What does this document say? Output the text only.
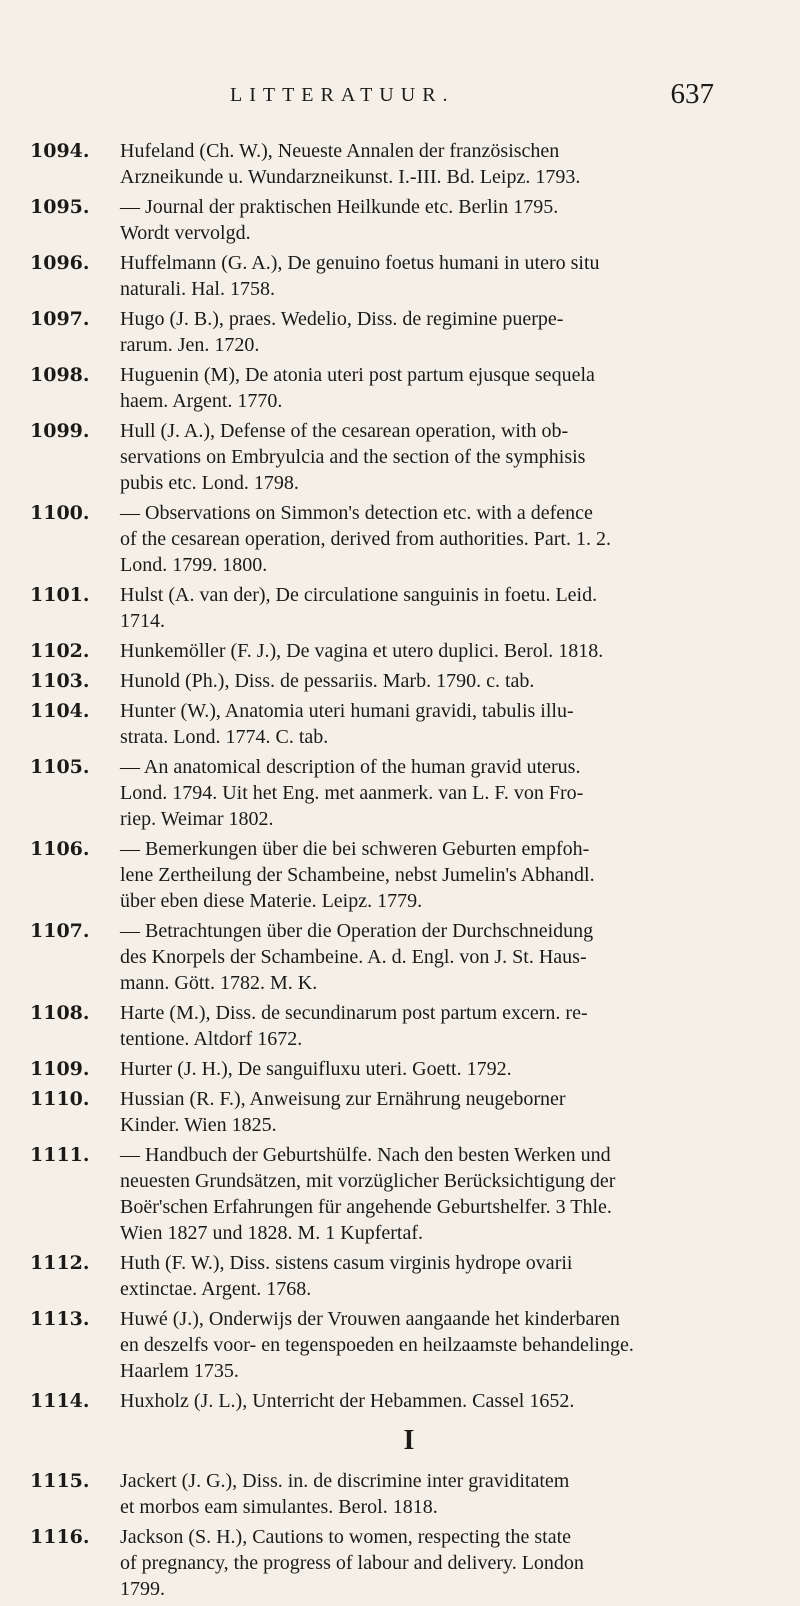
LITTERATUUR.	637
1094.	Hufeland (Ch. W.), Neueste Annalen der französischen
Arzneikunde u. Wundarzneikunst. I.-III. Bd. Leipz. 1793.
1095.	— Journal der praktischen Heilkunde etc. Berlin 1795.
Wordt vervolgd.
1096.	Huffelmann (G. A.), De genuino foetus humani in utero situ
naturali. Hal. 1758.
1097.	Hugo (J. B.), praes. Wedelio, Diss. de regimine puerpe-
rarum. Jen. 1720.
1098.	Huguenin (M), De atonia uteri post partum ejusque sequela
haem. Argent. 1770.
1099.	Hull (J. A.), Defense of the cesarean operation, with ob-
servations on Embryulcia and the section of the symphisis
pubis etc. Lond. 1798.
1100.	— Observations on Simmon's detection etc. with a defence
of the cesarean operation, derived from authorities. Part. 1. 2.
Lond. 1799. 1800.
1101.	Hulst (A. van der), De circulatione sanguinis in foetu. Leid.
1714.
1102.	Hunkemöller (F. J.), De vagina et utero duplici. Berol. 1818.
1103.	Hunold (Ph.), Diss. de pessariis. Marb. 1790. c. tab.
1104.	Hunter (W.), Anatomia uteri humani gravidi, tabulis illu-
strata. Lond. 1774. C. tab.
1105.	— An anatomical description of the human gravid uterus.
Lond. 1794. Uit het Eng. met aanmerk. van L. F. von Fro-
riep. Weimar 1802.
1106.	— Bemerkungen über die bei schweren Geburten empfoh-
lene Zertheilung der Schambeine, nebst Jumelin's Abhandl.
über eben diese Materie. Leipz. 1779.
1107.	— Betrachtungen über die Operation der Durchschneidung
des Knorpels der Schambeine. A. d. Engl. von J. St. Haus-
mann. Gött. 1782. M. K.
1108.	Harte (M.), Diss. de secundinarum post partum excern. re-
tentione. Altdorf 1672.
1109.	Hurter (J. H.), De sanguifluxu uteri. Goett. 1792.
1110.	Hussian (R. F.), Anweisung zur Ernährung neugeborner
Kinder. Wien 1825.
1111.	— Handbuch der Geburtshülfe. Nach den besten Werken und
neuesten Grundsätzen, mit vorzüglicher Berücksichtigung der
Boër'schen Erfahrungen für angehende Geburtshelfer. 3 Thle.
Wien 1827 und 1828. M. 1 Kupfertaf.
1112.	Huth (F. W.), Diss. sistens casum virginis hydrope ovarii
extinctae. Argent. 1768.
1113.	Huwé (J.), Onderwijs der Vrouwen aangaande het kinderbaren
en deszelfs voor- en tegenspoeden en heilzaamste behandelinge.
Haarlem 1735.
1114.	Huxholz (J. L.), Unterricht der Hebammen. Cassel 1652.
I
1115.	Jackert (J. G.), Diss. in. de discrimine inter graviditatem
et morbos eam simulantes. Berol. 1818.
1116.	Jackson (S. H.), Cautions to women, respecting the state
of pregnancy, the progress of labour and delivery. London
1799.
